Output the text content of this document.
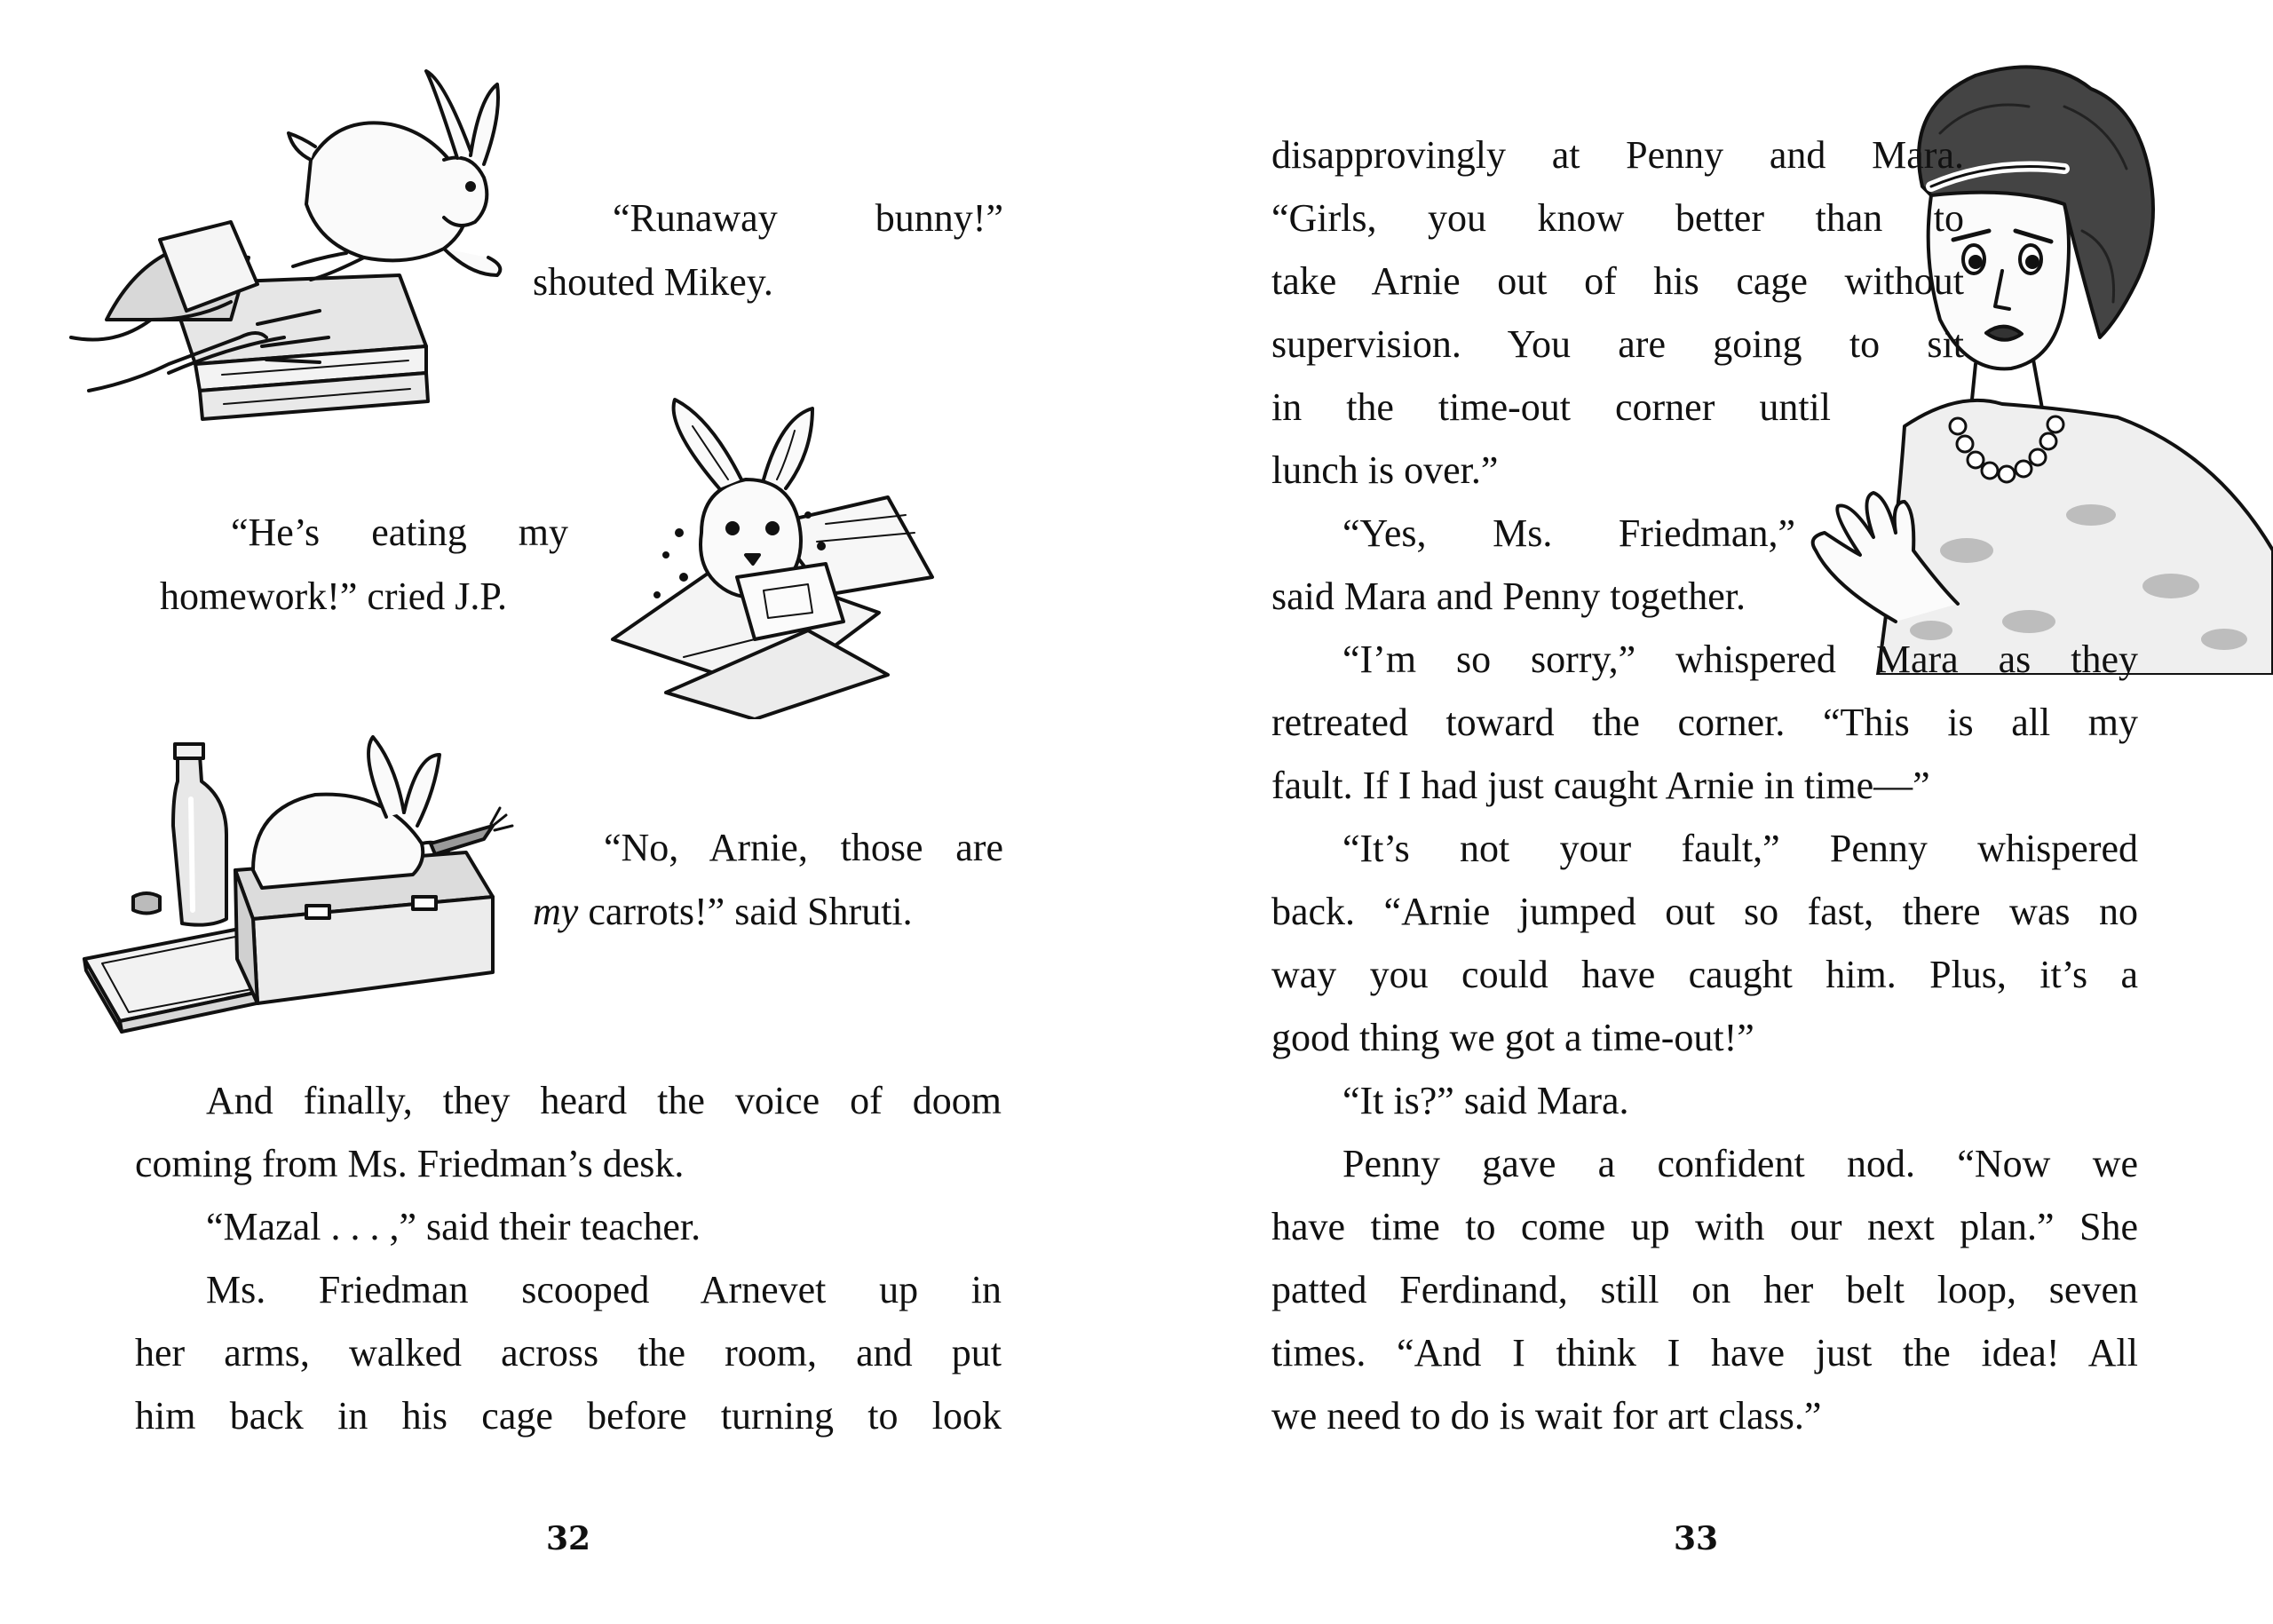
“Runaway bunny!”
shouted Mikey.
“He’s eating my
homework!” cried J.P.
“No, Arnie, those are
my carrots!” said Shruti.
And finally, they heard the voice of doom
coming from Ms. Friedman’s desk.
“Mazal . . . ,” said their teacher.
Ms. Friedman scooped Arnevet up in
her arms, walked across the room, and put
him back in his cage before turning to look
32
disapprovingly at Penny and Mara.
“Girls, you know better than to
take Arnie out of his cage without
supervision. You are going to sit
in the time-out corner until
lunch is over.”
“Yes, Ms. Friedman,”
said Mara and Penny together.
“I’m so sorry,” whispered Mara as they
retreated toward the corner. “This is all my
fault. If I had just caught Arnie in time—”
“It’s not your fault,” Penny whispered
back. “Arnie jumped out so fast, there was no
way you could have caught him. Plus, it’s a
good thing we got a time-out!”
“It is?” said Mara.
Penny gave a confident nod. “Now we
have time to come up with our next plan.” She
patted Ferdinand, still on her belt loop, seven
times. “And I think I have just the idea! All
we need to do is wait for art class.”
33
